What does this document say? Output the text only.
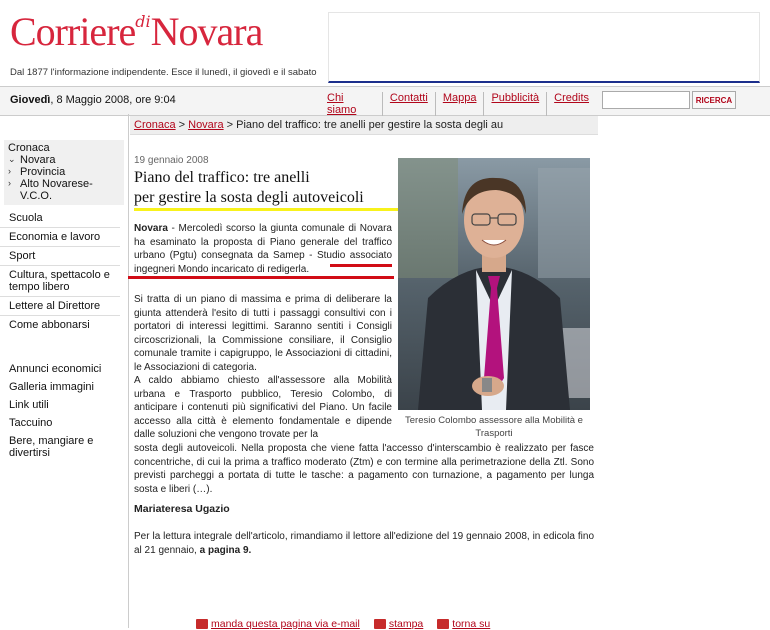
CorrierediNovara
Dal 1877 l'informazione indipendente. Esce il lunedì, il giovedì e il sabato
Giovedì, 8 Maggio 2008, ore 9:04	Chi siamo
Contatti	Mappa	Pubblicità	Credits	RICERCA
Cronaca
⌄ Novara
› Provincia
› Alto Novarese-V.C.O.
Scuola
Economia e lavoro
Sport
Cultura, spettacolo e tempo libero
Lettere al Direttore
Come abbonarsi
Annunci economici
Galleria immagini
Link utili
Taccuino
Bere, mangiare e divertirsi
Cronaca > Novara > Piano del traffico: tre anelli per gestire la sosta degli au
19 gennaio 2008
Piano del traffico: tre anelli
per gestire la sosta degli autoveicoli
Novara - Mercoledì scorso la giunta comunale di Novara ha esaminato la proposta di Piano generale del traffico urbano (Pgtu) consegnata da Samep - Studio associato ingegneri Mondo incaricato di redigerla.
Si tratta di un piano di massima e prima di deliberare la giunta attenderà l'esito di tutti i passaggi consultivi con i portatori di interessi legittimi. Saranno sentiti i Consigli circoscrizionali, la Commissione consiliare, il Consiglio comunale tramite i capigruppo, le Associazioni di cittadini, le Associazioni di categoria.
A caldo abbiamo chiesto all'assessore alla Mobilità urbana e Trasporto pubblico, Teresio Colombo, di anticipare i contenuti più significativi del Piano. Un facile accesso alla città è elemento fondamentale e dipende dalle soluzioni che vengono trovate per la
sosta degli autoveicoli. Nella proposta che viene fatta l'accesso d'interscambio è realizzato per fasce concentriche, di cui la prima a traffico moderato (Ztm) e con termine alla perimetrazione della Ztl. Sono previsti parcheggi a portata di tutte le tasche: a pagamento con turnazione, a pagamento per lunga sosta e liberi (…).
Mariateresa Ugazio
Per la lettura integrale dell'articolo, rimandiamo il lettore all'edizione del 19 gennaio 2008, in edicola fino al 21 gennaio, a pagina 9.
Teresio Colombo assessore alla Mobilità e Trasporti
manda questa pagina via e-mail	stampa	torna su
